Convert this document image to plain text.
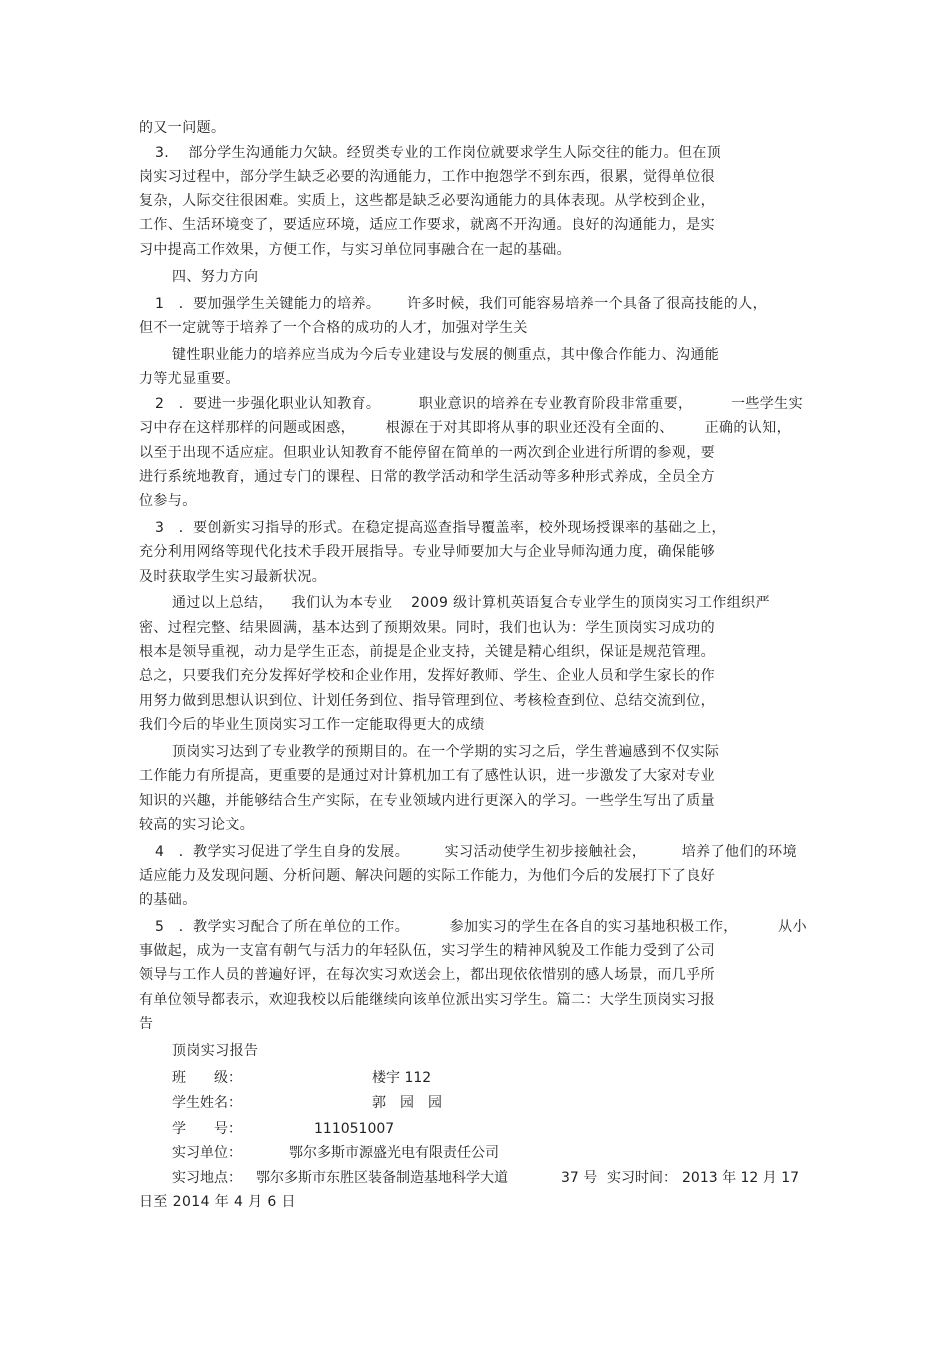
的又一问题。
3.　 部分学生沟通能力欠缺。经贸类专业的工作岗位就要求学生人际交往的能力。但在顶
岗实习过程中，部分学生缺乏必要的沟通能力，工作中抱怨学不到东西，很累，觉得单位很
复杂，人际交往很困难。实质上，这些都是缺乏必要沟通能力的具体表现。从学校到企业，
工作、生活环境变了，要适应环境，适应工作要求，就离不开沟通。良好的沟通能力，是实
习中提高工作效果，方便工作，与实习单位同事融合在一起的基础。
四、努力方向
1　．要加强学生关键能力的培养。 许多时候，我们可能容易培养一个具备了很高技能的人，
但不一定就等于培养了一个合格的成功的人才，加强对学生关
键性职业能力的培养应当成为今后专业建设与发展的侧重点，其中像合作能力、沟通能
力等尤显重要。
2　．要进一步强化职业认知教育。	职业意识的培养在专业教育阶段非常重要，	一些学生实
习中存在这样那样的问题或困惑， 根源在于对其即将从事的职业还没有全面的、 正确的认知，
以至于出现不适应症。但职业认知教育不能停留在简单的一两次到企业进行所谓的参观，要
进行系统地教育，通过专门的课程、日常的教学活动和学生活动等多种形式养成，全员全方
位参与。
3　．要创新实习指导的形式。在稳定提高巡查指导覆盖率，校外现场授课率的基础之上，
充分利用网络等现代化技术手段开展指导。专业导师要加大与企业导师沟通力度，确保能够
及时获取学生实习最新状况。
通过以上总结， 我们认为本专业 2009 级计算机英语复合专业学生的顶岗实习工作组织严
密、过程完整、结果圆满，基本达到了预期效果。同时，我们也认为：学生顶岗实习成功的
根本是领导重视，动力是学生正态，前提是企业支持，关键是精心组织，保证是规范管理。
总之，只要我们充分发挥好学校和企业作用，发挥好教师、学生、企业人员和学生家长的作
用努力做到思想认识到位、计划任务到位、指导管理到位、考核检查到位、总结交流到位，
我们今后的毕业生顶岗实习工作一定能取得更大的成绩
顶岗实习达到了专业教学的预期目的。在一个学期的实习之后，学生普遍感到不仅实际
工作能力有所提高，更重要的是通过对计算机加工有了感性认识，进一步激发了大家对专业
知识的兴趣，并能够结合生产实际，在专业领域内进行更深入的学习。一些学生写出了质量
较高的实习论文。
4　．教学实习促进了学生自身的发展。	实习活动使学生初步接触社会，	培养了他们的环境
适应能力及发现问题、分析问题、解决问题的实际工作能力，为他们今后的发展打下了良好
的基础。
5　．教学实习配合了所在单位的工作。	参加实习的学生在各自的实习基地积极工作，	从小
事做起，成为一支富有朝气与活力的年轻队伍，实习学生的精神风貌及工作能力受到了公司
领导与工作人员的普遍好评，在每次实习欢送会上，都出现依依惜别的感人场景，而几乎所
有单位领导都表示，欢迎我校以后能继续向该单位派出实习学生。篇二：大学生顶岗实习报
告
顶岗实习报告
班　　级：	楼宇 112
学生姓名：	郭　园　园
学　　号：	111051007
实习单位：	鄂尔多斯市源盛光电有限责任公司
实习地点： 鄂尔多斯市东胜区装备制造基地科学大道	37 号 实习时间： 2013 年 12 月 17
日至 2014 年 4 月 6 日
